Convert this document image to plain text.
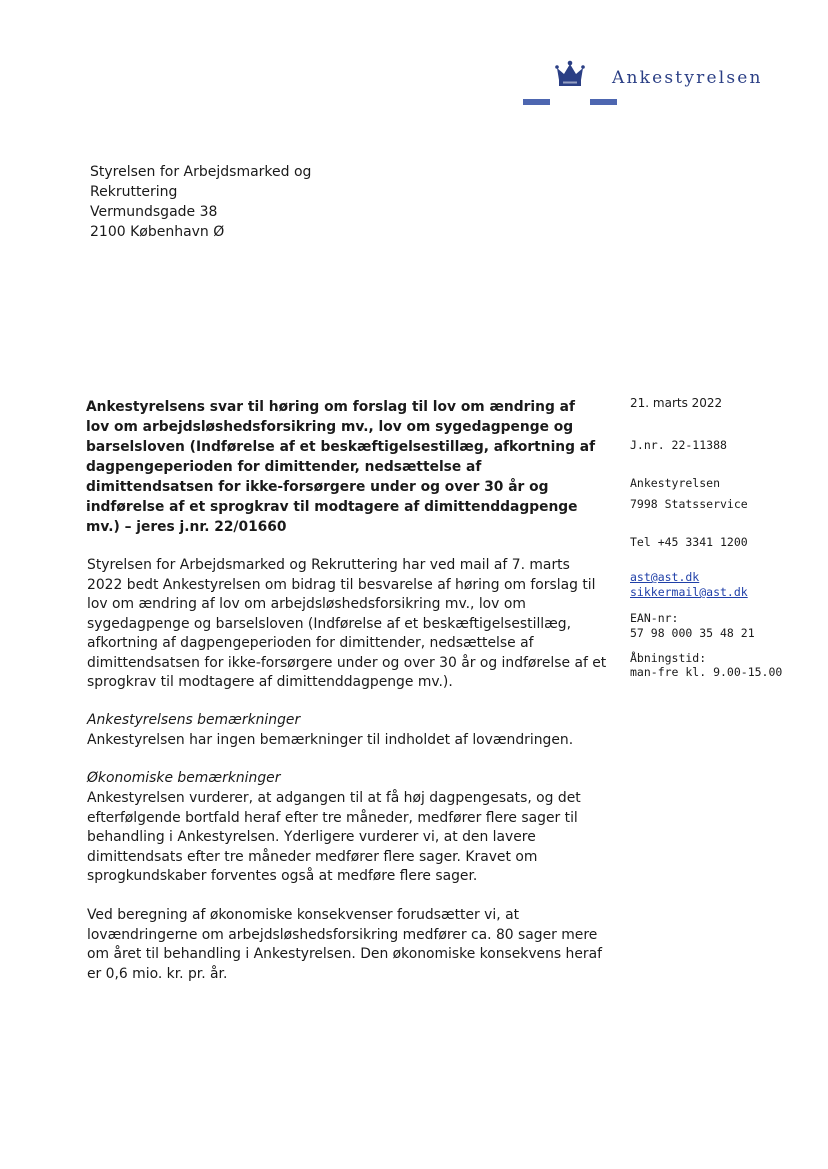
Ankestyrelsen
Styrelsen for Arbejdsmarked og
Rekruttering
Vermundsgade 38
2100 København Ø
Ankestyrelsens svar til høring om forslag til lov om ændring af lov om arbejdsløshedsforsikring mv., lov om sygedagpenge og barselsloven (Indførelse af et beskæftigelsestillæg, afkortning af dagpengeperioden for dimittender, nedsættelse af dimittendsatsen for ikke-forsørgere under og over 30 år og indførelse af et sprogkrav til modtagere af dimittenddagpenge mv.) – jeres j.nr. 22/01660

Styrelsen for Arbejdsmarked og Rekruttering har ved mail af 7. marts 2022 bedt Ankestyrelsen om bidrag til besvarelse af høring om forslag til lov om ændring af lov om arbejdsløshedsforsikring mv., lov om sygedagpenge og barselsloven (Indførelse af et beskæftigelsestillæg, afkortning af dagpengeperioden for dimittender, nedsættelse af dimittendsatsen for ikke-forsørgere under og over 30 år og indførelse af et sprogkrav til modtagere af dimittenddagpenge mv.).

Ankestyrelsens bemærkninger

Ankestyrelsen har ingen bemærkninger til indholdet af lovændringen.

Økonomiske bemærkninger

Ankestyrelsen vurderer, at adgangen til at få høj dagpengesats, og det efterfølgende bortfald heraf efter tre måneder, medfører flere sager til behandling i Ankestyrelsen. Yderligere vurderer vi, at den lavere dimittendsats efter tre måneder medfører flere sager. Kravet om sprogkundskaber forventes også at medføre flere sager.

Ved beregning af økonomiske konsekvenser forudsætter vi, at lovændringerne om arbejdsløshedsforsikring medfører ca. 80 sager mere om året til behandling i Ankestyrelsen. Den økonomiske konsekvens heraf er 0,6 mio. kr. pr. år.

21. marts 2022
J.nr. 22-11388
Ankestyrelsen
7998 Statsservice
Tel +45 3341 1200
ast@ast.dk
sikkermail@ast.dk
EAN-nr:
57 98 000 35 48 21
Åbningstid:
man-fre kl. 9.00-15.00
